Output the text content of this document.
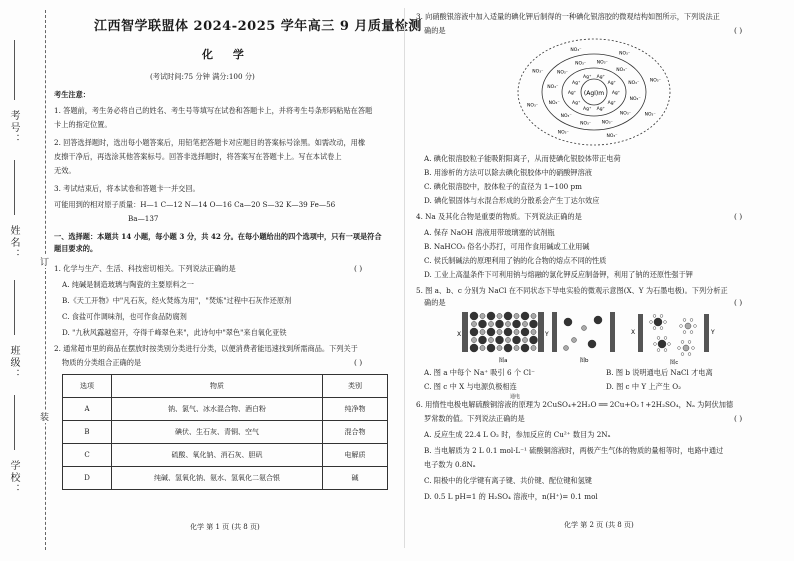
考号：
姓名：
班级：
学校：
订
装
江西智学联盟体 2024-2025 学年高三 9 月质量检测
化 学
(考试时间:75 分钟 满分:100 分)
考生注意：
1. 答题前，考生务必将自己的姓名、考生号等填写在试卷和答题卡上，并将考生号条形码粘贴在答题
卡上的指定位置。
2. 回答选择题时，选出每小题答案后，用铅笔把答题卡对应题目的答案标号涂黑。如需改动，用橡
皮擦干净后，再选涂其他答案标号。回答非选择题时，将答案写在答题卡上。写在本试卷上
无效。
3. 考试结束后，将本试卷和答题卡一并交回。
可能用到的相对原子质量：H—1 C—12 N—14 O—16 Ca—20 S—32 K—39 Fe—56
Ba—137
一、选择题：本题共 14 小题，每小题 3 分，共 42 分。在每小题给出的四个选项中，只有一项是符合
题目要求的。
1. 化学与生产、生活、科技密切相关。下列说法正确的是	( )
A. 纯碱是制造玻璃与陶瓷的主要原料之一
B.《天工开物》中"凡石灰，经火焚炼为用"，"焚炼"过程中石灰作还原剂
C. 食盐可作调味剂，也可作食品防腐剂
D. "九秋风露越窑开，夺得千峰翠色来"，此诗句中"翠色"来自氧化亚铁
2. 通常超市里的商品在摆放时按类别分类进行分类，以便消费者能迅速找到所需商品。下列关于
物质的分类组合正确的是	( )
选项	物质	类别
A	钠、氯气、冰水混合物、酒白粉	纯净物
B	碘伏、生石灰、青铜、空气	混合物
C	硫酸、氧化钠、消石灰、胆矾	电解质
D	纯碱、氢氧化钠、氨水、氢氧化二氨合银	碱
化学 第 1 页 (共 8 页)
3. 向硝酸银溶液中加入适量的碘化钾后制得的一种碘化银溶胶的微观结构如图所示，下列说法正
确的是	( )
(AgI)m Ag⁺
Ag⁺
Ag⁺
Ag⁺
Ag⁺
Ag⁺
Ag⁺
Ag⁺ Ag⁺
Ag⁺
NO₃⁻
NO₃⁻
NO₃⁻
NO₃⁻
NO₃⁻
NO₃⁻
NO₃⁻
NO₃⁻
NO₃⁻ NO₃⁻
NO₃⁻
NO₃⁻
NO₃⁻
NO₃⁻
NO₃⁻
NO₃⁻
NO₃⁻
NO₃⁻
NO₃⁻
NO₃⁻
A. 碘化银溶胶粒子能吸附阳离子，从而使碘化银胶体带正电荷
B. 用渗析的方法可以除去碘化银胶体中的硝酸钾溶液
C. 碘化银溶胶中，胶体粒子的直径为 1~100 pm
D. 碘化银固体与水混合形成的分散系会产生丁达尔效应
4. Na 及其化合物是重要的物质。下列说法正确的是	( )
A. 保存 NaOH 溶液用带玻璃塞的试剂瓶
B. NaHCO₃ 俗名小苏打，可用作食用碱或工业用碱
C. 侯氏制碱法的原理利用了钠的化合物的熔点不同的性质
D. 工业上高温条件下可利用钠与熔融的氯化钾反应制备钾，利用了钠的还原性强于钾
5. 图 a、b、c 分别为 NaCl 在不同状态下导电实验的微观示意图(X、Y 为石墨电极)。下列分析正
确的是	( )
X	Y
图a	图b
X	Y
图c
A. 图 a 中每个 Na⁺ 吸引 6 个 Cl⁻	B. 图 b 说明通电后 NaCl 才电离
C. 图 c 中 X 与电源负极相连	D. 图 c 中 Y 上产生 O₂
通电
6. 用惰性电极电解硫酸铜溶液的原理为 2CuSO₄+2H₂O ══ 2Cu+O₂↑+2H₂SO₄，Nₐ 为阿伏加德
罗常数的值。下列说法正确的是	( )
A. 反应生成 22.4 L O₂ 时，参加反应的 Cu²⁺ 数目为 2Nₐ
B. 当电解质为 2 L 0.1 mol·L⁻¹ 硫酸铜溶液时，两极产生气体的物质的量相等时，电路中通过
电子数为 0.8Nₐ
C. 阳极中的化学键有离子键、共价键、配位键和氢键
D. 0.5 L pH=1 的 H₂SO₄ 溶液中，n(H⁺)= 0.1 mol
化学 第 2 页 (共 8 页)
